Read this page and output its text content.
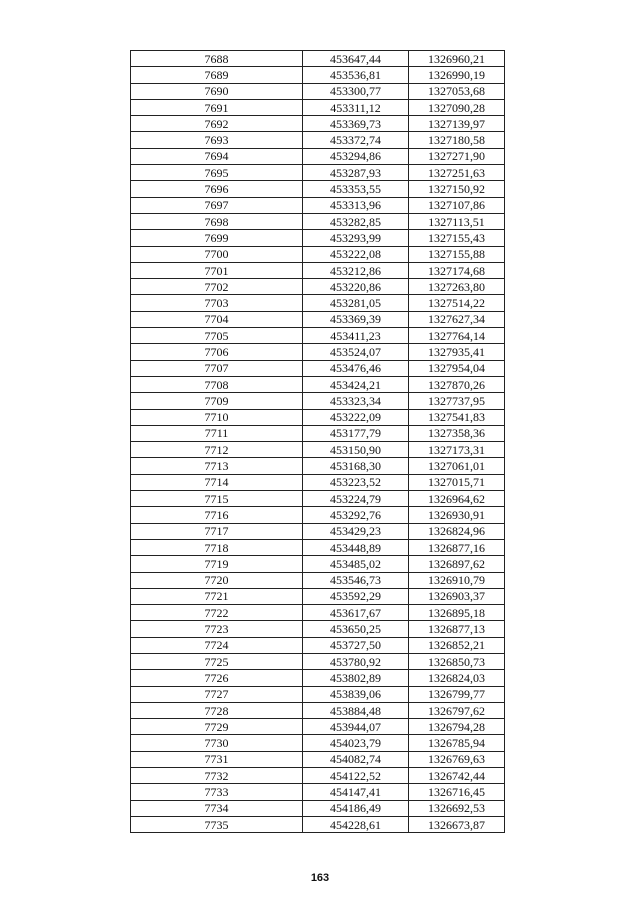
7688	453647,44	1326960,21
7689	453536,81	1326990,19
7690	453300,77	1327053,68
7691	453311,12	1327090,28
7692	453369,73	1327139,97
7693	453372,74	1327180,58
7694	453294,86	1327271,90
7695	453287,93	1327251,63
7696	453353,55	1327150,92
7697	453313,96	1327107,86
7698	453282,85	1327113,51
7699	453293,99	1327155,43
7700	453222,08	1327155,88
7701	453212,86	1327174,68
7702	453220,86	1327263,80
7703	453281,05	1327514,22
7704	453369,39	1327627,34
7705	453411,23	1327764,14
7706	453524,07	1327935,41
7707	453476,46	1327954,04
7708	453424,21	1327870,26
7709	453323,34	1327737,95
7710	453222,09	1327541,83
7711	453177,79	1327358,36
7712	453150,90	1327173,31
7713	453168,30	1327061,01
7714	453223,52	1327015,71
7715	453224,79	1326964,62
7716	453292,76	1326930,91
7717	453429,23	1326824,96
7718	453448,89	1326877,16
7719	453485,02	1326897,62
7720	453546,73	1326910,79
7721	453592,29	1326903,37
7722	453617,67	1326895,18
7723	453650,25	1326877,13
7724	453727,50	1326852,21
7725	453780,92	1326850,73
7726	453802,89	1326824,03
7727	453839,06	1326799,77
7728	453884,48	1326797,62
7729	453944,07	1326794,28
7730	454023,79	1326785,94
7731	454082,74	1326769,63
7732	454122,52	1326742,44
7733	454147,41	1326716,45
7734	454186,49	1326692,53
7735	454228,61	1326673,87
163
